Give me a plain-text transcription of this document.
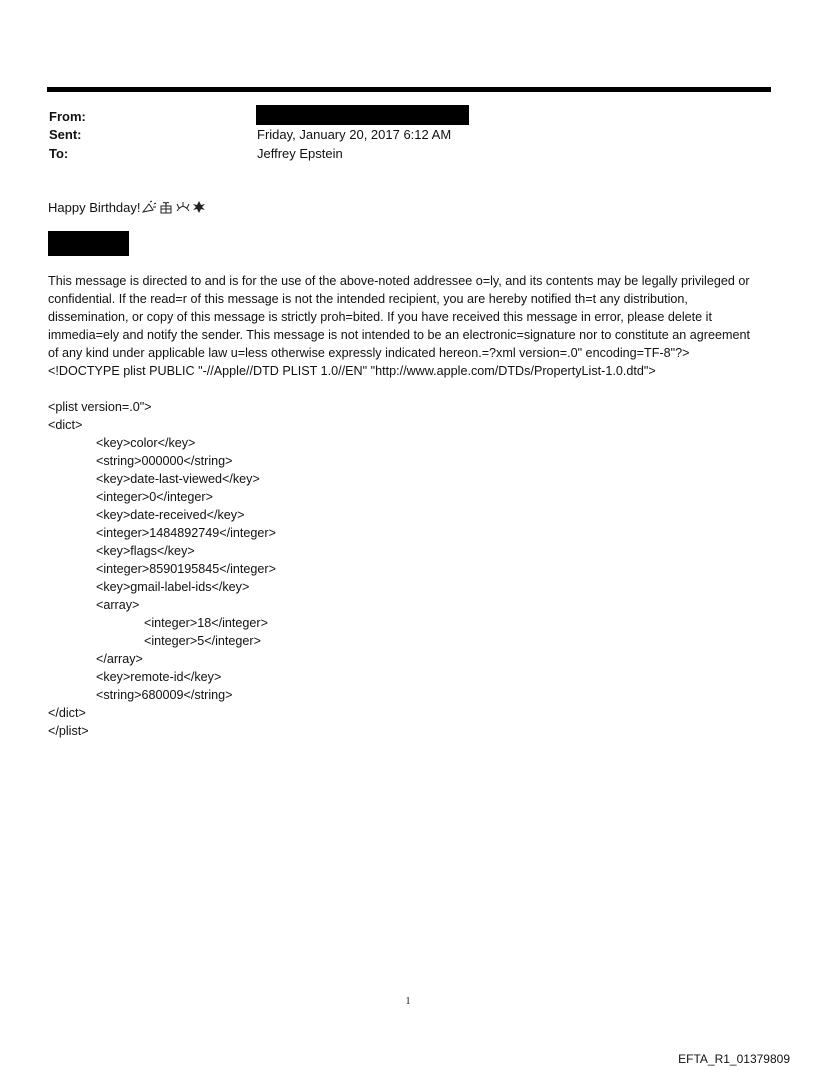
From:
Sent:	Friday, January 20, 2017 6:12 AM
To:	Jeffrey Epstein
Happy Birthday!
This message is directed to and is for the use of the above-noted addressee o=ly, and its contents may be legally privileged or confidential. If the read=r of this message is not the intended recipient, you are hereby notified th=t any distribution, dissemination, or copy of this message is strictly proh=bited. If you have received this message in error, please delete it immedia=ely and notify the sender. This message is not intended to be an electronic=signature nor to constitute an agreement of any kind under applicable law u=less otherwise expressly indicated hereon.=?xml version=.0" encoding=TF-8"?> <!DOCTYPE plist PUBLIC "-//Apple//DTD PLIST 1.0//EN" "http://www.apple.com/DTDs/PropertyList-1.0.dtd">
<plist version=.0">
<dict>
<key>color</key>
<string>000000</string>
<key>date-last-viewed</key>
<integer>0</integer>
<key>date-received</key>
<integer>1484892749</integer>
<key>flags</key>
<integer>8590195845</integer>
<key>gmail-label-ids</key>
<array>
<integer>18</integer>
<integer>5</integer>
</array>
<key>remote-id</key>
<string>680009</string>
</dict>
</plist>
1
EFTA_R1_01379809
